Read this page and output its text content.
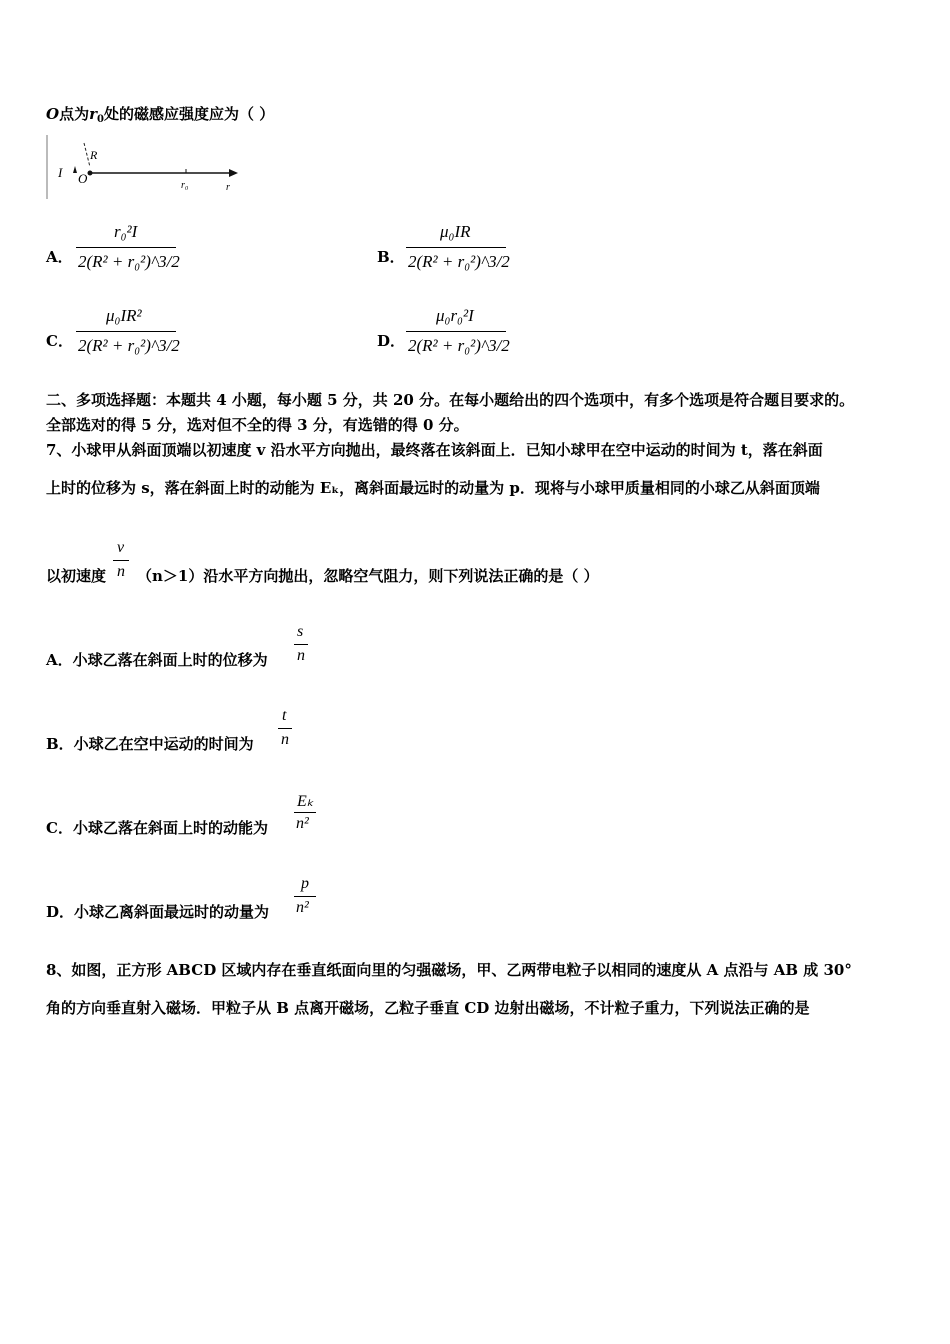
O点为$r_0$处的磁感应强度应为（ ）
I O
R
r₀	r
A．
r₀²I
2(R² + r₀²)^3/2	B．
μ₀IR
2(R² + r₀²)^3/2
C．
μ₀IR²
2(R² + r₀²)^3/2	D．
μ₀r₀²I
2(R² + r₀²)^3/2
二、多项选择题：本题共 4 小题，每小题 5 分，共 20 分。在每小题给出的四个选项中，有多个选项是符合题目要求的。
全部选对的得 5 分，选对但不全的得 3 分，有选错的得 0 分。
7、小球甲从斜面顶端以初速度 v 沿水平方向抛出，最终落在该斜面上．已知小球甲在空中运动的时间为 t，落在斜面
上时的位移为 s，落在斜面上时的动能为 Eₖ，离斜面最远时的动量为 p．现将与小球甲质量相同的小球乙从斜面顶端
以初速度
v
n （n＞1）沿水平方向抛出，忽略空气阻力，则下列说法正确的是（ ）
A．小球乙落在斜面上时的位移为
s
n
B．小球乙在空中运动的时间为
t
n
C．小球乙落在斜面上时的动能为
Eₖ
n²
D．小球乙离斜面最远时的动量为
p
n²
8、如图，正方形 ABCD 区域内存在垂直纸面向里的匀强磁场，甲、乙两带电粒子以相同的速度从 A 点沿与 AB 成 30°
角的方向垂直射入磁场．甲粒子从 B 点离开磁场，乙粒子垂直 CD 边射出磁场，不计粒子重力，下列说法正确的是
